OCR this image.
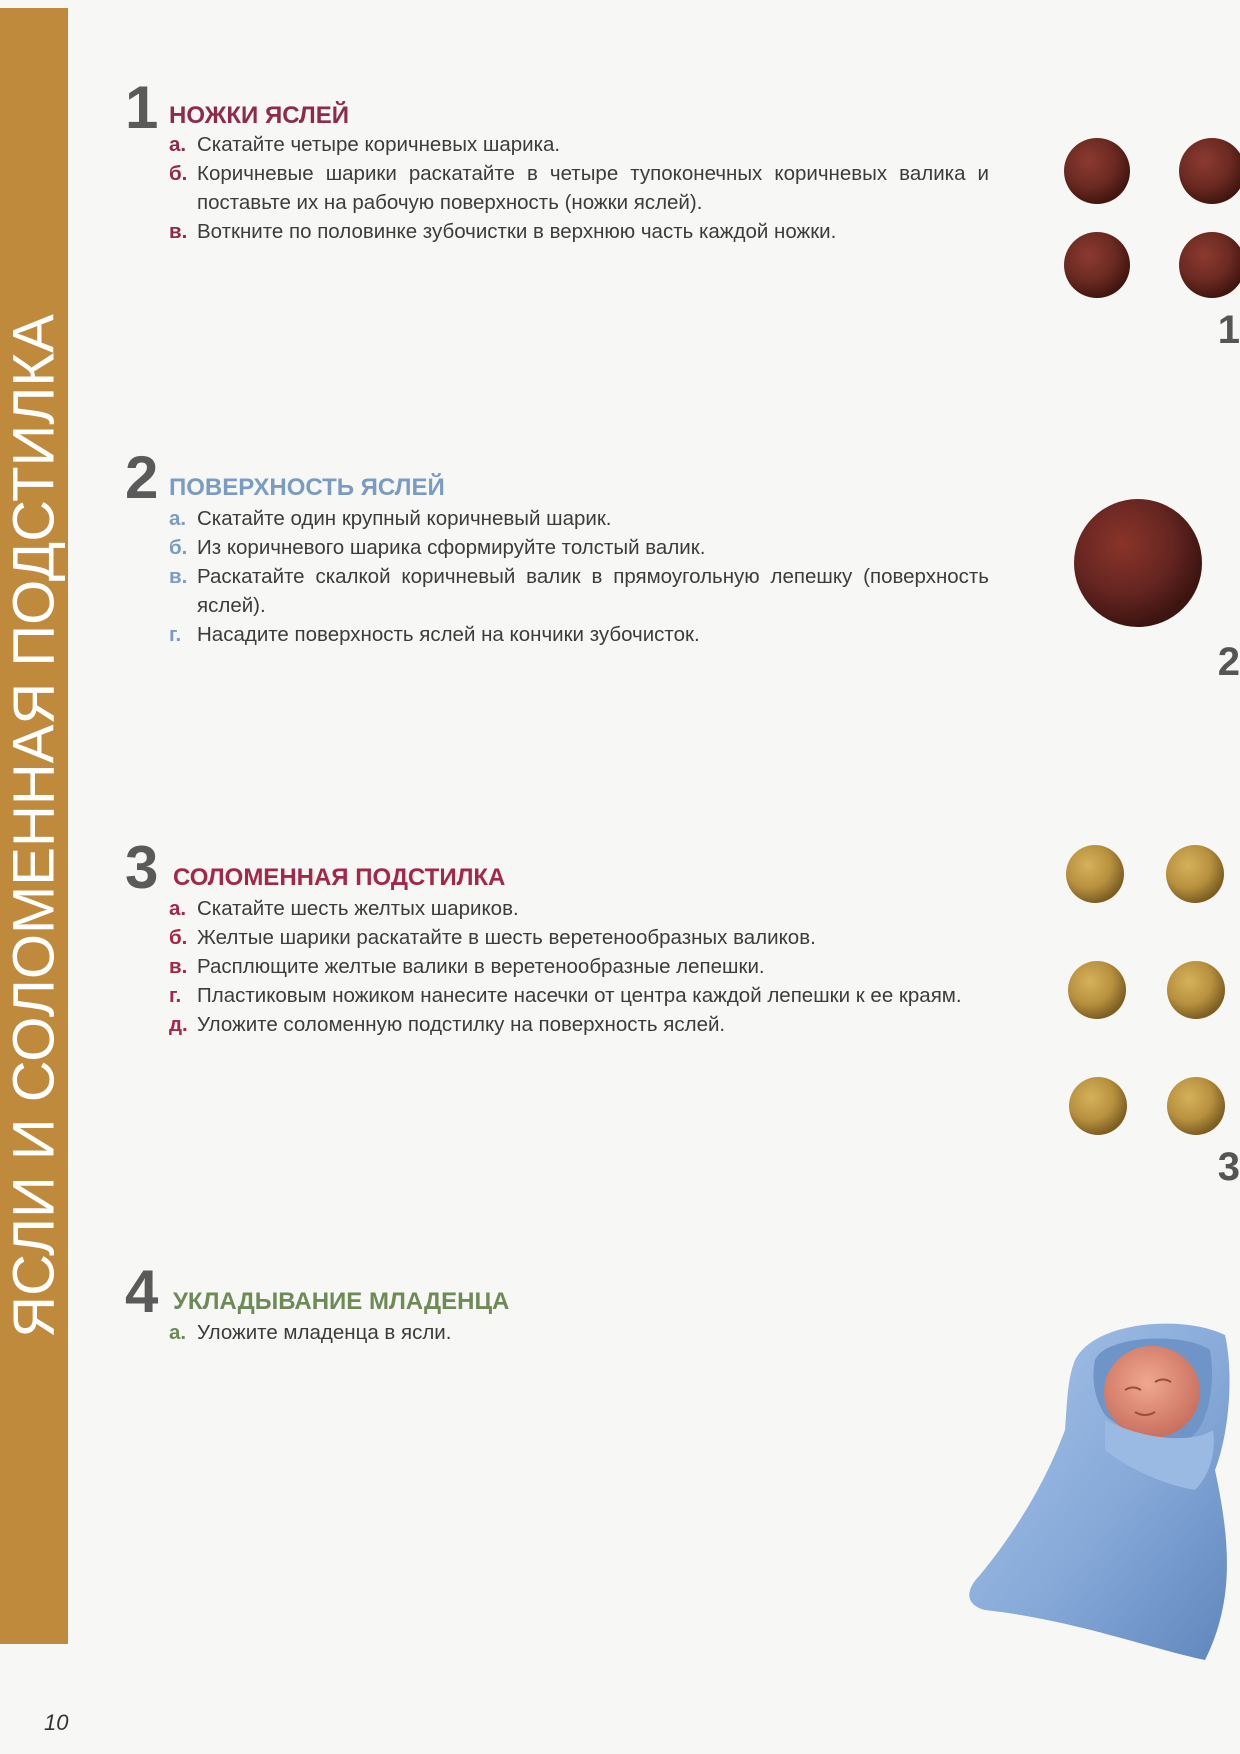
ЯСЛИ И СОЛОМЕННАЯ ПОДСТИЛКА
1 НОЖКИ ЯСЛЕЙ
а. Скатайте четыре коричневых шарика.
б. Коричневые шарики раскатайте в четыре тупоконечных коричневых валика и поставьте их на рабочую поверхность (ножки яслей).
в. Воткните по половинке зубочистки в верхнюю часть каждой ножки.
2 ПОВЕРХНОСТЬ ЯСЛЕЙ
а. Скатайте один крупный коричневый шарик.
б. Из коричневого шарика сформируйте толстый валик.
в. Раскатайте скалкой коричневый валик в прямоугольную лепешку (поверхность яслей).
г. Насадите поверхность яслей на кончики зубочисток.
3 СОЛОМЕННАЯ ПОДСТИЛКА
а. Скатайте шесть желтых шариков.
б. Желтые шарики раскатайте в шесть веретенообразных валиков.
в. Расплющите желтые валики в веретенообразные лепешки.
г. Пластиковым ножиком нанесите насечки от центра каждой лепешки к ее краям.
д. Уложите соломенную подстилку на поверхность яслей.
4 УКЛАДЫВАНИЕ МЛАДЕНЦА
а. Уложите младенца в ясли.
1
2
3
10
